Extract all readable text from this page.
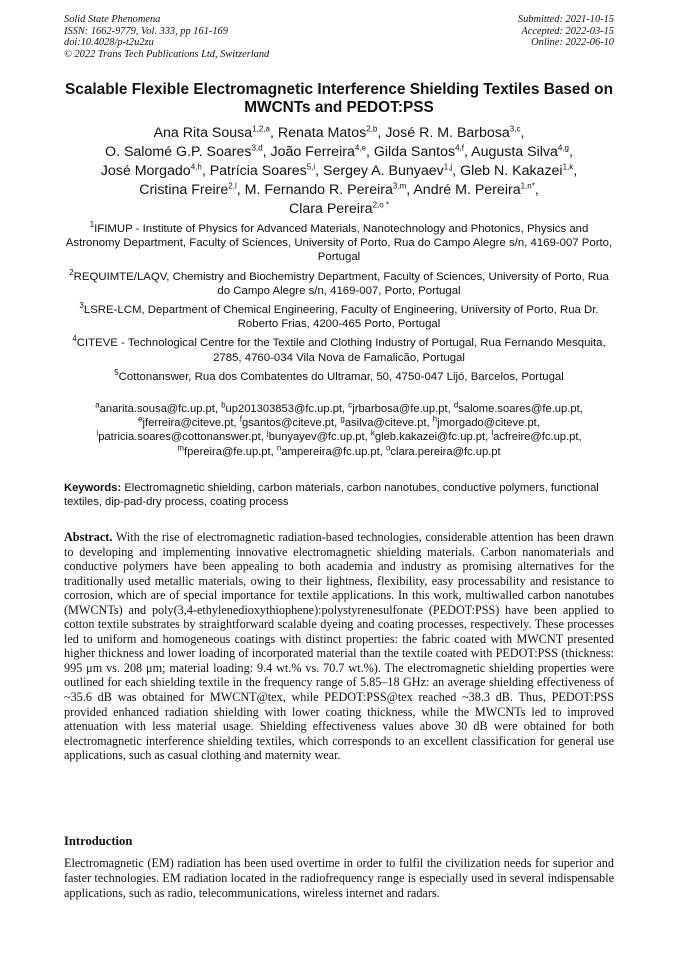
Solid State Phenomena
ISSN: 1662-9779, Vol. 333, pp 161-169
doi:10.4028/p-t2u2zu
© 2022 Trans Tech Publications Ltd, Switzerland
Submitted: 2021-10-15
Accepted: 2022-03-15
Online: 2022-06-10
Scalable Flexible Electromagnetic Interference Shielding Textiles Based on MWCNTs and PEDOT:PSS
Ana Rita Sousa$^{1,2,a}$, Renata Matos$^{2,b}$, José R. M. Barbosa$^{3,c}$,
O. Salomé G.P. Soares$^{3,d}$, João Ferreira$^{4,e}$, Gilda Santos$^{4,f}$, Augusta Silva$^{4,g}$,
José Morgado$^{4,h}$, Patrícia Soares$^{5,i}$, Sergey A. Bunyaev$^{1,j}$, Gleb N. Kakazei$^{1,k}$,
Cristina Freire$^{2,l}$, M. Fernando R. Pereira$^{3,m}$, André M. Pereira$^{1,n*}$,
Clara Pereira$^{2,o *}$
$^1$IFIMUP - Institute of Physics for Advanced Materials, Nanotechnology and Photonics, Physics and Astronomy Department, Faculty of Sciences, University of Porto, Rua do Campo Alegre s/n, 4169-007 Porto, Portugal
$^2$REQUIMTE/LAQV, Chemistry and Biochemistry Department, Faculty of Sciences, University of Porto, Rua do Campo Alegre s/n, 4169-007, Porto, Portugal
$^3$LSRE-LCM, Department of Chemical Engineering, Faculty of Engineering, University of Porto, Rua Dr. Roberto Frias, 4200-465 Porto, Portugal
$^4$CITEVE - Technological Centre for the Textile and Clothing Industry of Portugal, Rua Fernando Mesquita, 2785, 4760-034 Vila Nova de Famalicão, Portugal
$^5$Cottonanswer, Rua dos Combatentes do Ultramar, 50, 4750-047 Lijó, Barcelos, Portugal
$^a$anarita.sousa@fc.up.pt, $^b$up201303853@fc.up.pt, $^c$jrbarbosa@fe.up.pt, $^d$salome.soares@fe.up.pt,
$^e$jferreira@citeve.pt, $^f$gsantos@citeve.pt, $^g$asilva@citeve.pt, $^h$jmorgado@citeve.pt,
$^i$patricia.soares@cottonanswer.pt, $^j$bunyayev@fc.up.pt, $^k$gleb.kakazei@fc.up.pt, $^l$acfreire@fc.up.pt,
$^m$fpereira@fe.up.pt, $^n$ampereira@fc.up.pt, $^o$clara.pereira@fc.up.pt
Keywords: Electromagnetic shielding, carbon materials, carbon nanotubes, conductive polymers, functional textiles, dip-pad-dry process, coating process
Abstract. With the rise of electromagnetic radiation-based technologies, considerable attention has been drawn to developing and implementing innovative electromagnetic shielding materials. Carbon nanomaterials and conductive polymers have been appealing to both academia and industry as promising alternatives for the traditionally used metallic materials, owing to their lightness, flexibility, easy processability and resistance to corrosion, which are of special importance for textile applications. In this work, multiwalled carbon nanotubes (MWCNTs) and poly(3,4-ethylenedioxythiophene):polystyrenesulfonate (PEDOT:PSS) have been applied to cotton textile substrates by straightforward scalable dyeing and coating processes, respectively. These processes led to uniform and homogeneous coatings with distinct properties: the fabric coated with MWCNT presented higher thickness and lower loading of incorporated material than the textile coated with PEDOT:PSS (thickness: 995 μm vs. 208 μm; material loading: 9.4 wt.% vs. 70.7 wt.%). The electromagnetic shielding properties were outlined for each shielding textile in the frequency range of 5.85–18 GHz: an average shielding effectiveness of ~35.6 dB was obtained for MWCNT@tex, while PEDOT:PSS@tex reached ~38.3 dB. Thus, PEDOT:PSS provided enhanced radiation shielding with lower coating thickness, while the MWCNTs led to improved attenuation with less material usage. Shielding effectiveness values above 30 dB were obtained for both electromagnetic interference shielding textiles, which corresponds to an excellent classification for general use applications, such as casual clothing and maternity wear.
Introduction
Electromagnetic (EM) radiation has been used overtime in order to fulfil the civilization needs for superior and faster technologies. EM radiation located in the radiofrequency range is especially used in several indispensable applications, such as radio, telecommunications, wireless internet and radars.
